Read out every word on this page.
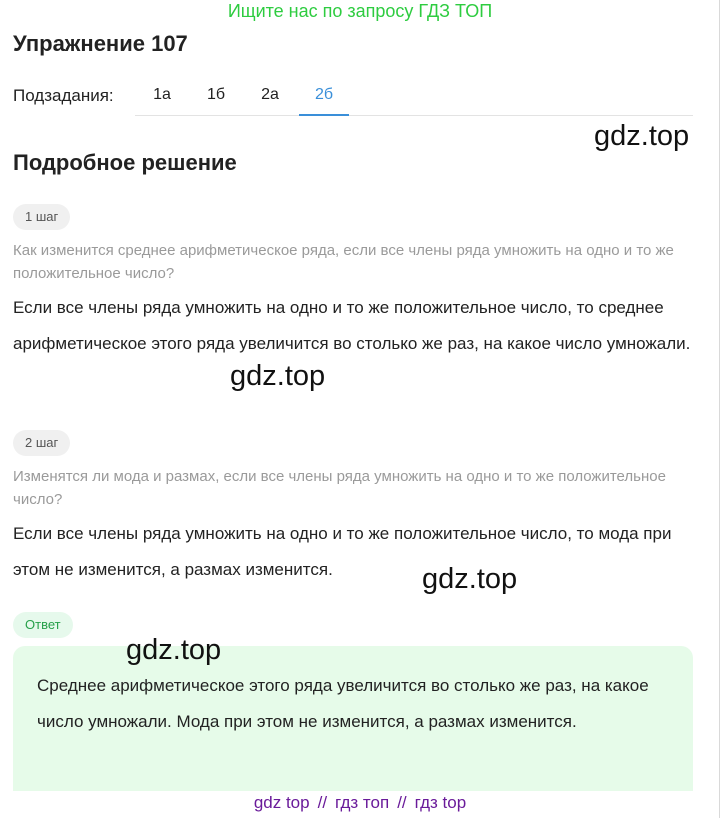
Ищите нас по запросу ГДЗ ТОП
Упражнение 107
Подзадания:	1а	1б	2а	2б
gdz.top
Подробное решение
1 шаг
Как изменится среднее арифметическое ряда, если все члены ряда умножить на одно и то же положительное число?
Если все члены ряда умножить на одно и то же положительное число, то среднее арифметическое этого ряда увеличится во столько же раз, на какое число умножали.
gdz.top
2 шаг
Изменятся ли мода и размах, если все члены ряда умножить на одно и то же положительное число?
Если все члены ряда умножить на одно и то же положительное число, то мода при этом не изменится, а размах изменится.	gdz.top
Ответ
Среднее арифметическое этого ряда увеличится во столько же раз, на какое число умножали. Мода при этом не изменится, а размах изменится.
gdz.top
gdz top // гдз топ // гдз top
